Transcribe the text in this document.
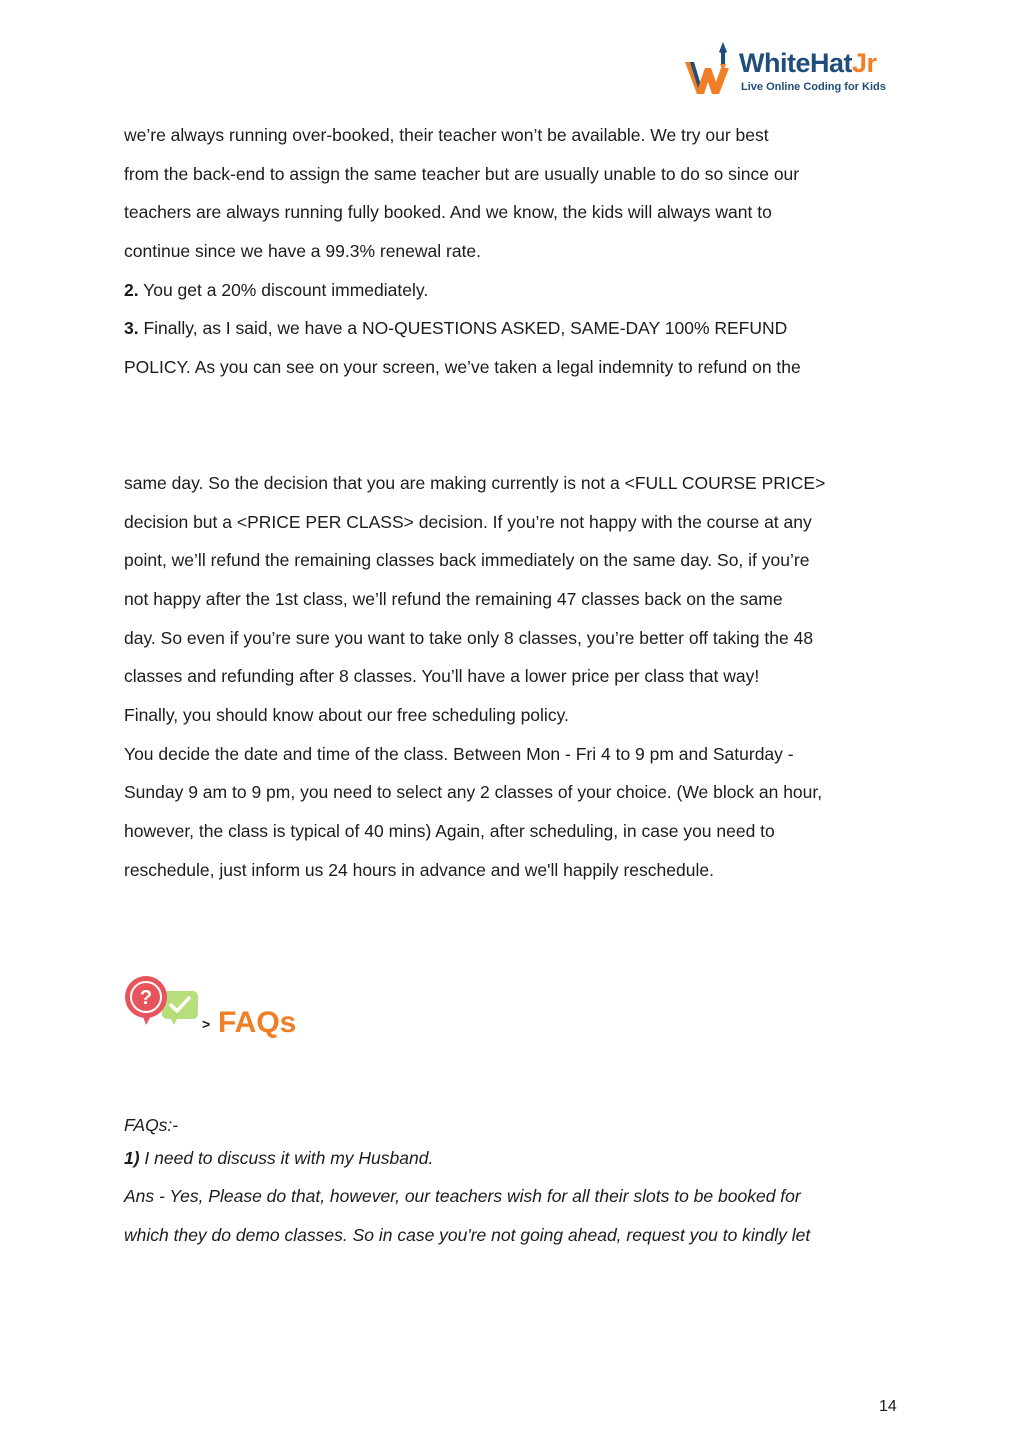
WhiteHatJr
Live Online Coding for Kids

we’re always running over-booked, their teacher won’t be available. We try our best

from the back-end to assign the same teacher but are usually unable to do so since our

teachers are always running fully booked. And we know, the kids will always want to

continue since we have a 99.3% renewal rate.

2. You get a 20% discount immediately.

3. Finally, as I said, we have a NO-QUESTIONS ASKED, SAME-DAY 100% REFUND

POLICY. As you can see on your screen, we’ve taken a legal indemnity to refund on the

same day. So the decision that you are making currently is not a <FULL COURSE PRICE>

decision but a <PRICE PER CLASS> decision. If you’re not happy with the course at any

point, we’ll refund the remaining classes back immediately on the same day. So, if you’re

not happy after the 1st class, we’ll refund the remaining 47 classes back on the same

day. So even if you’re sure you want to take only 8 classes, you’re better off taking the 48

classes and refunding after 8 classes. You’ll have a lower price per class that way!

Finally, you should know about our free scheduling policy.

You decide the date and time of the class. Between Mon - Fri 4 to 9 pm and Saturday -

Sunday 9 am to 9 pm, you need to select any 2 classes of your choice. (We block an hour,

however, the class is typical of 40 mins) Again, after scheduling, in case you need to

reschedule, just inform us 24 hours in advance and we'll happily reschedule.

?
> FAQs

FAQs:-

1) I need to discuss it with my Husband.

Ans - Yes, Please do that, however, our teachers wish for all their slots to be booked for

which they do demo classes. So in case you're not going ahead, request you to kindly let

14
